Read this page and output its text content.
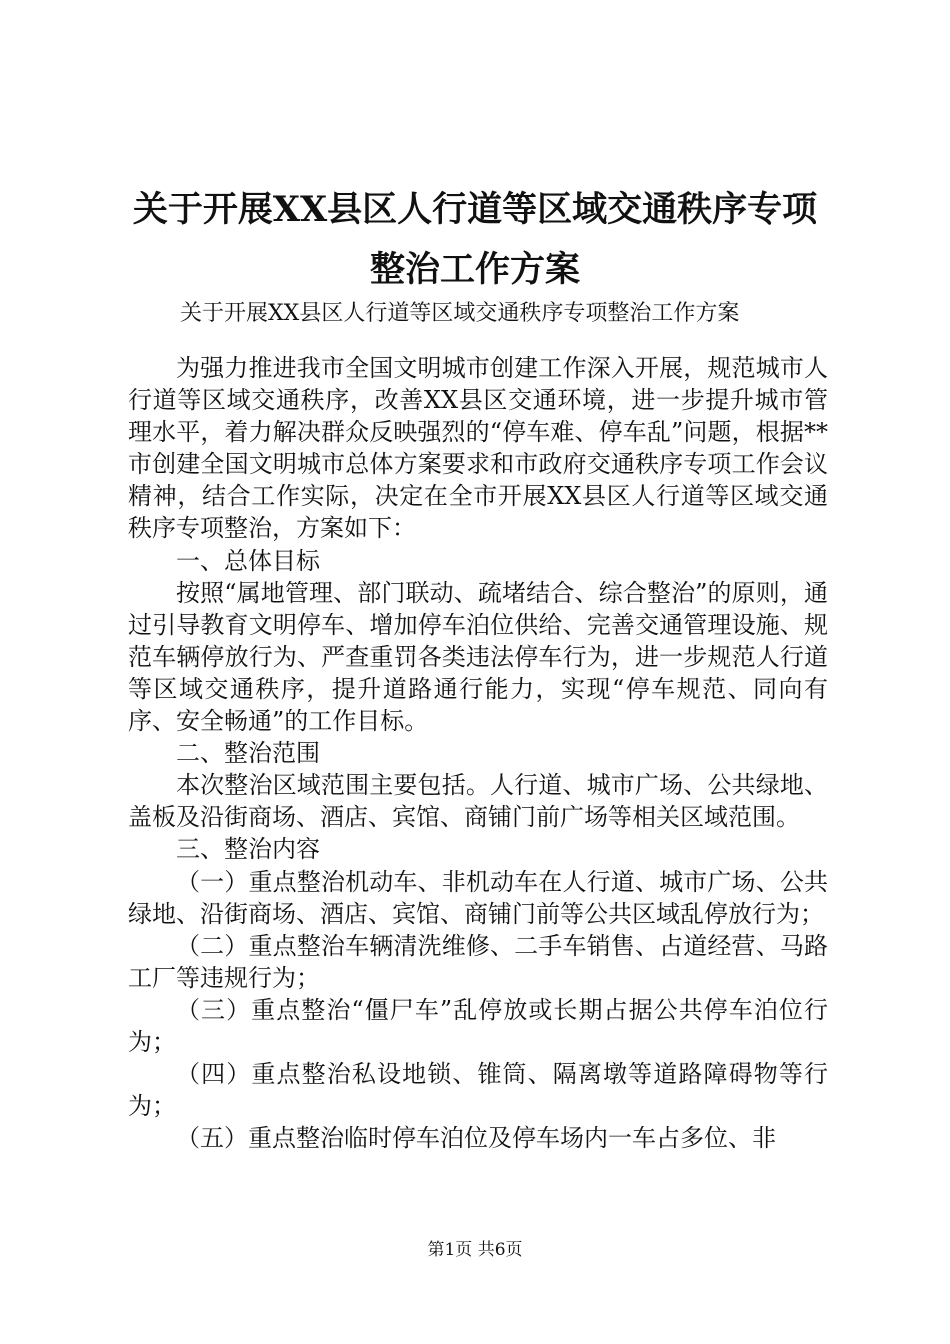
关于开展XX县区人行道等区域交通秩序专项
整治工作方案
关于开展XX县区人行道等区域交通秩序专项整治工作方案

为强力推进我市全国文明城市创建工作深入开展，规范城市人行道等区域交通秩序，改善XX县区交通环境，进一步提升城市管理水平，着力解决群众反映强烈的“停车难、停车乱”问题，根据**市创建全国文明城市总体方案要求和市政府交通秩序专项工作会议精神，结合工作实际，决定在全市开展XX县区人行道等区域交通秩序专项整治，方案如下：

一、总体目标

按照“属地管理、部门联动、疏堵结合、综合整治”的原则，通过引导教育文明停车、增加停车泊位供给、完善交通管理设施、规范车辆停放行为、严查重罚各类违法停车行为，进一步规范人行道等区域交通秩序，提升道路通行能力，实现“停车规范、同向有序、安全畅通”的工作目标。

二、整治范围

本次整治区域范围主要包括。人行道、城市广场、公共绿地、盖板及沿街商场、酒店、宾馆、商铺门前广场等相关区域范围。

三、整治内容

（一）重点整治机动车、非机动车在人行道、城市广场、公共绿地、沿街商场、酒店、宾馆、商铺门前等公共区域乱停放行为；

（二）重点整治车辆清洗维修、二手车销售、占道经营、马路工厂等违规行为；

（三）重点整治“僵尸车”乱停放或长期占据公共停车泊位行为；

（四）重点整治私设地锁、锥筒、隔离墩等道路障碍物等行为；

（五）重点整治临时停车泊位及停车场内一车占多位、非

第1页 共6页
